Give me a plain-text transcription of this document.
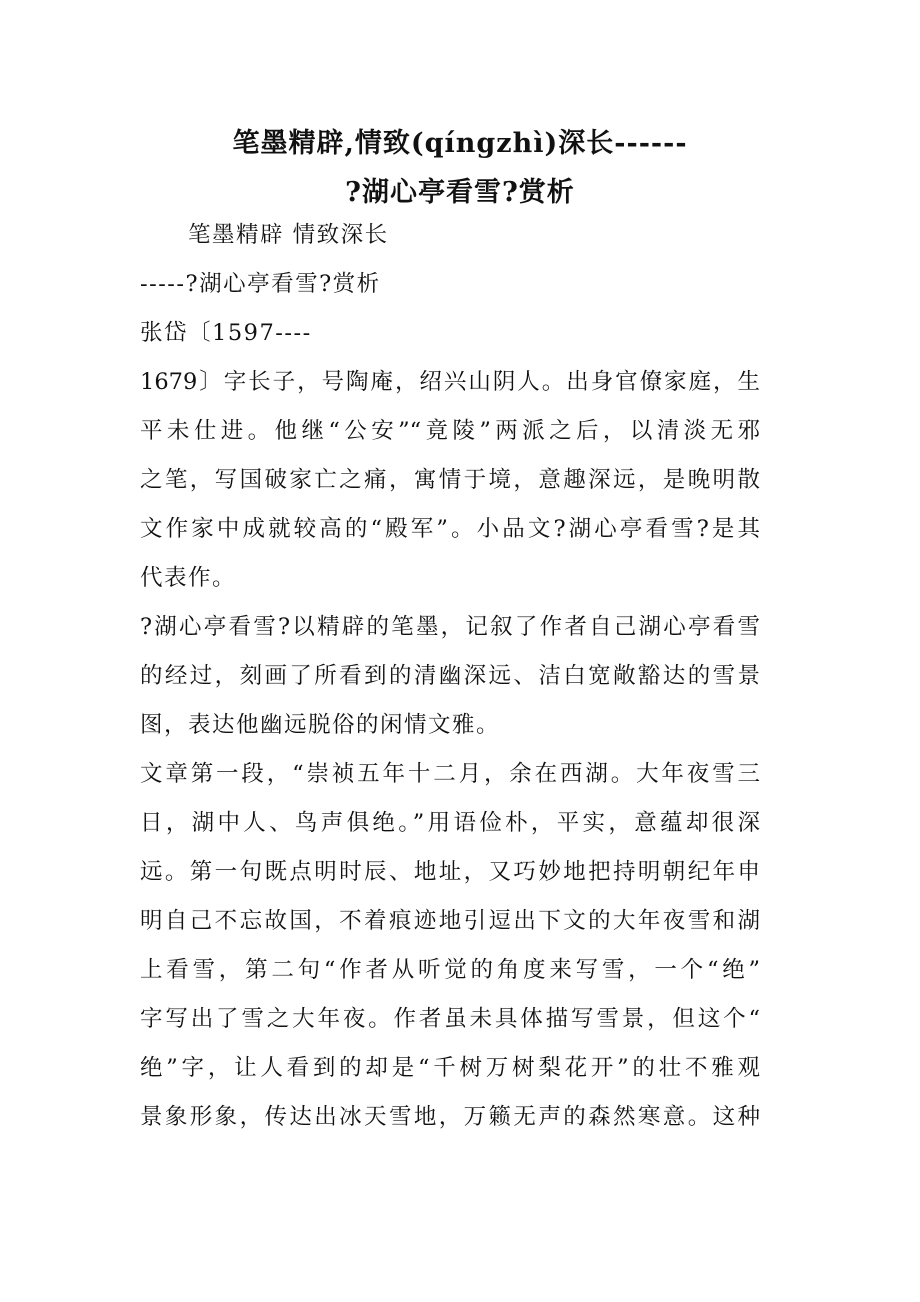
笔墨精辟,情致(qíngzhì)深长------
?湖心亭看雪?赏析
笔墨精辟 情致深长
-----?湖心亭看雪?赏析
张岱〔1597----
1679〕字长子，号陶庵，绍兴山阴人。出身官僚家庭，生
平未仕进。他继“公安”“竟陵”两派之后，以清淡无邪
之笔，写国破家亡之痛，寓情于境，意趣深远，是晚明散
文作家中成就较高的“殿军”。小品文?湖心亭看雪?是其
代表作。
?湖心亭看雪?以精辟的笔墨，记叙了作者自己湖心亭看雪
的经过，刻画了所看到的清幽深远、洁白宽敞豁达的雪景
图，表达他幽远脱俗的闲情文雅。
文章第一段，“崇祯五年十二月，余在西湖。大年夜雪三
日，湖中人、鸟声俱绝。”用语俭朴，平实，意蕴却很深
远。第一句既点明时辰、地址，又巧妙地把持明朝纪年申
明自己不忘故国，不着痕迹地引逗出下文的大年夜雪和湖
上看雪，第二句“作者从听觉的角度来写雪，一个“绝”
字写出了雪之大年夜。作者虽未具体描写雪景，但这个“
绝”字，让人看到的却是“千树万树梨花开”的壮不雅观
景象形象，传达出冰天雪地，万籁无声的森然寒意。这种
